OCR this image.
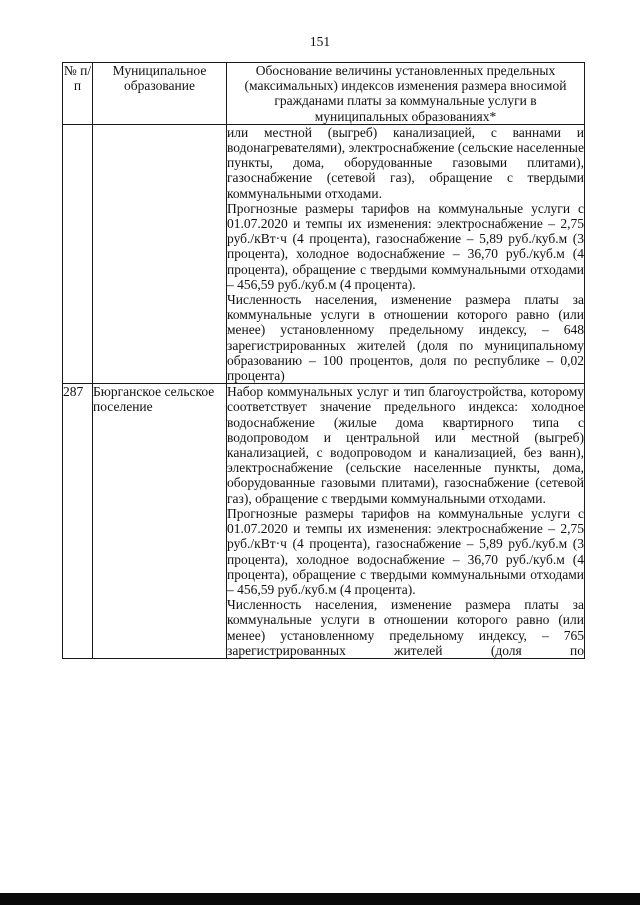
151
№ п/п	Муниципальное образование	Обоснование величины установленных предельных (максимальных) индексов изменения размера вносимой гражданами платы за коммунальные услуги в муниципальных образованиях*

		или местной (выгреб) канализацией, с ваннами и водонагревателями), электроснабжение (сельские населенные пункты, дома, оборудованные газовыми плитами), газоснабжение (сетевой газ), обращение с твердыми коммунальными отходами.

Прогнозные размеры тарифов на коммунальные услуги с 01.07.2020 и темпы их изменения: электроснабжение – 2,75 руб./кВт·ч (4 процента), газоснабжение – 5,89 руб./куб.м (3 процента), холодное водоснабжение – 36,70 руб./куб.м (4 процента), обращение с твердыми коммунальными отходами – 456,59 руб./куб.м (4 процента).

Численность населения, изменение размера платы за коммунальные услуги в отношении которого равно (или менее) установленному предельному индексу, – 648 зарегистрированных жителей (доля по муниципальному образованию – 100 процентов, доля по республике – 0,02 процента)

287	Бюрганское сельское поселение	Набор коммунальных услуг и тип благоустройства, которому соответствует значение предельного индекса: холодное водоснабжение (жилые дома квартирного типа с водопроводом и центральной или местной (выгреб) канализацией, с водопроводом и канализацией, без ванн), электроснабжение (сельские населенные пункты, дома, оборудованные газовыми плитами), газоснабжение (сетевой газ), обращение с твердыми коммунальными отходами.

Прогнозные размеры тарифов на коммунальные услуги с 01.07.2020 и темпы их изменения: электроснабжение – 2,75 руб./кВт·ч (4 процента), газоснабжение – 5,89 руб./куб.м (3 процента), холодное водоснабжение – 36,70 руб./куб.м (4 процента), обращение с твердыми коммунальными отходами – 456,59 руб./куб.м (4 процента).

Численность населения, изменение размера платы за коммунальные услуги в отношении которого равно (или менее) установленному предельному индексу, – 765 зарегистрированных жителей (доля по
